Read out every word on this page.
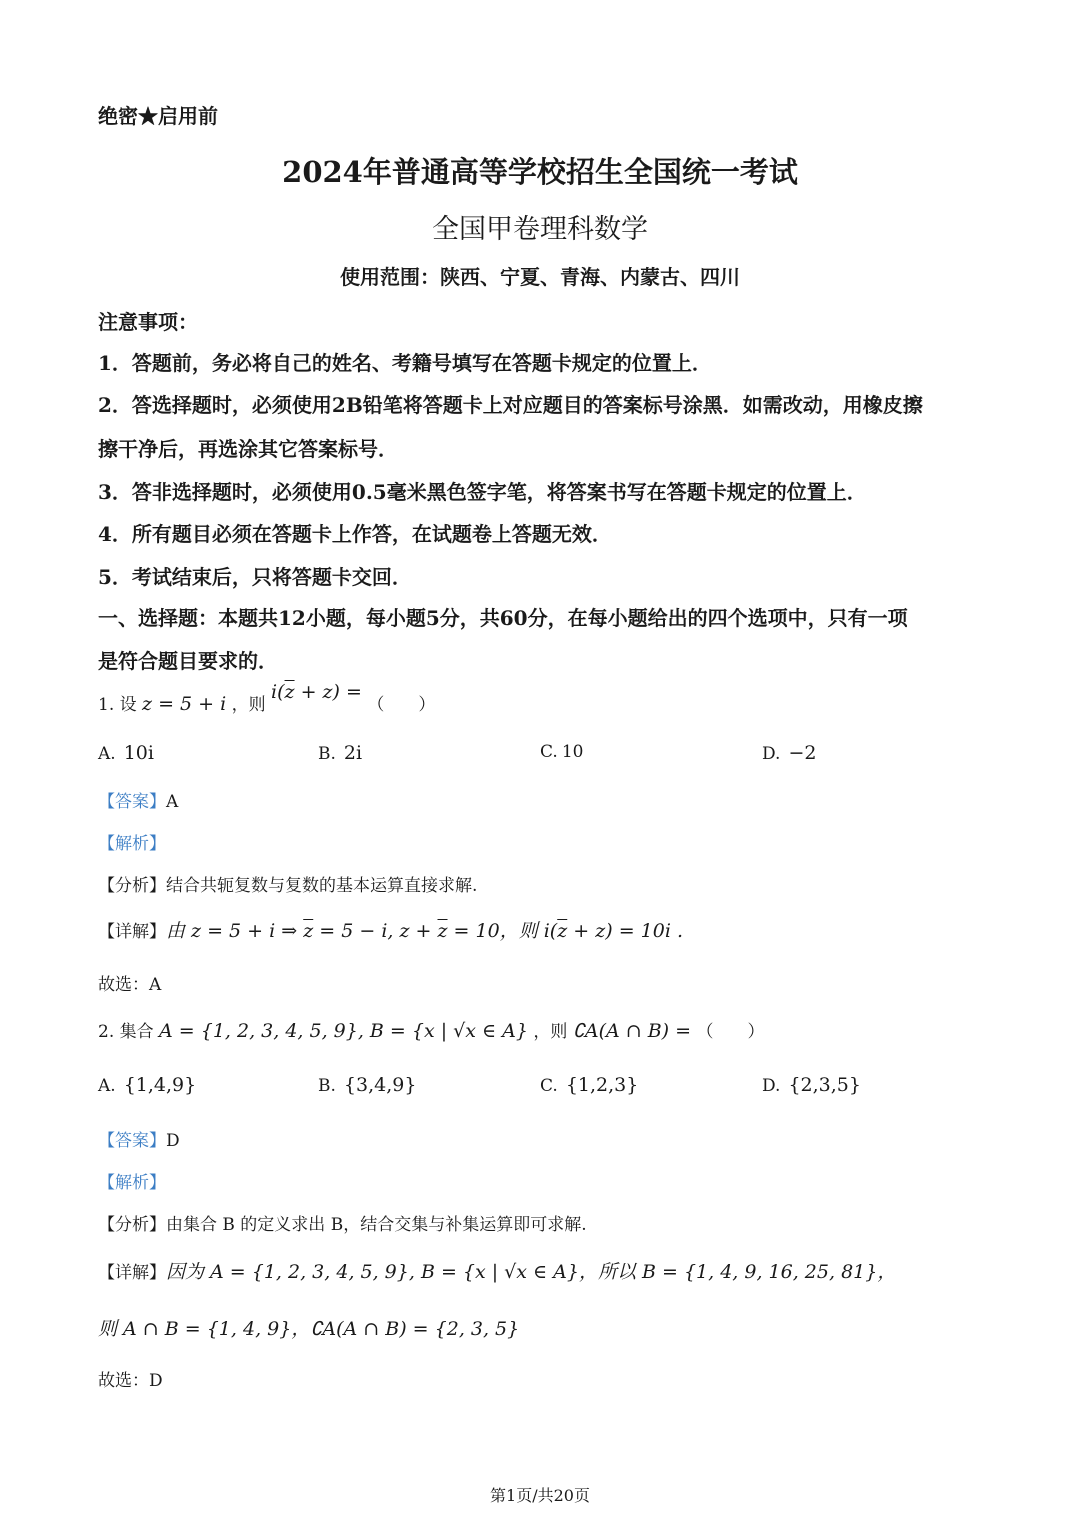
绝密★启用前
2024年普通高等学校招生全国统一考试
全国甲卷理科数学
使用范围：陕西、宁夏、青海、内蒙古、四川
注意事项：
1．答题前，务必将自己的姓名、考籍号填写在答题卡规定的位置上．
2．答选择题时，必须使用2B铅笔将答题卡上对应题目的答案标号涂黑．如需改动，用橡皮擦
擦干净后，再选涂其它答案标号．
3．答非选择题时，必须使用0.5毫米黑色签字笔，将答案书写在答题卡规定的位置上．
4．所有题目必须在答题卡上作答，在试题卷上答题无效．
5．考试结束后，只将答题卡交回．
一、选择题：本题共12小题，每小题5分，共60分，在每小题给出的四个选项中，只有一项
是符合题目要求的．
1. 设 z = 5 + i ，则 $i(\overline{z} + z)$ = （　　）
A. 10i	B. 2i	C. 10	D. −2
【答案】A
【解析】
【分析】结合共轭复数与复数的基本运算直接求解.
【详解】由 z = 5 + i ⇒ $\overline{z} = 5 - i$, $z + \overline{z} = 10$，则 $i(\overline{z} + z) = 10i$ .
故选：A
2. 集合 A = {1, 2, 3, 4, 5, 9}, B = {x | √x ∈ A} ，则 ∁A(A ∩ B) = （　　）
A. {1,4,9}	B. {3,4,9}	C. {1,2,3}	D. {2,3,5}
【答案】D
【解析】
【分析】由集合 B 的定义求出 B，结合交集与补集运算即可求解.
【详解】因为 A = {1, 2, 3, 4, 5, 9}, B = {x | √x ∈ A}，所以 B = {1, 4, 9, 16, 25, 81}，
则 A ∩ B = {1, 4, 9}，∁A(A ∩ B) = {2, 3, 5}
故选：D
第1页/共20页
